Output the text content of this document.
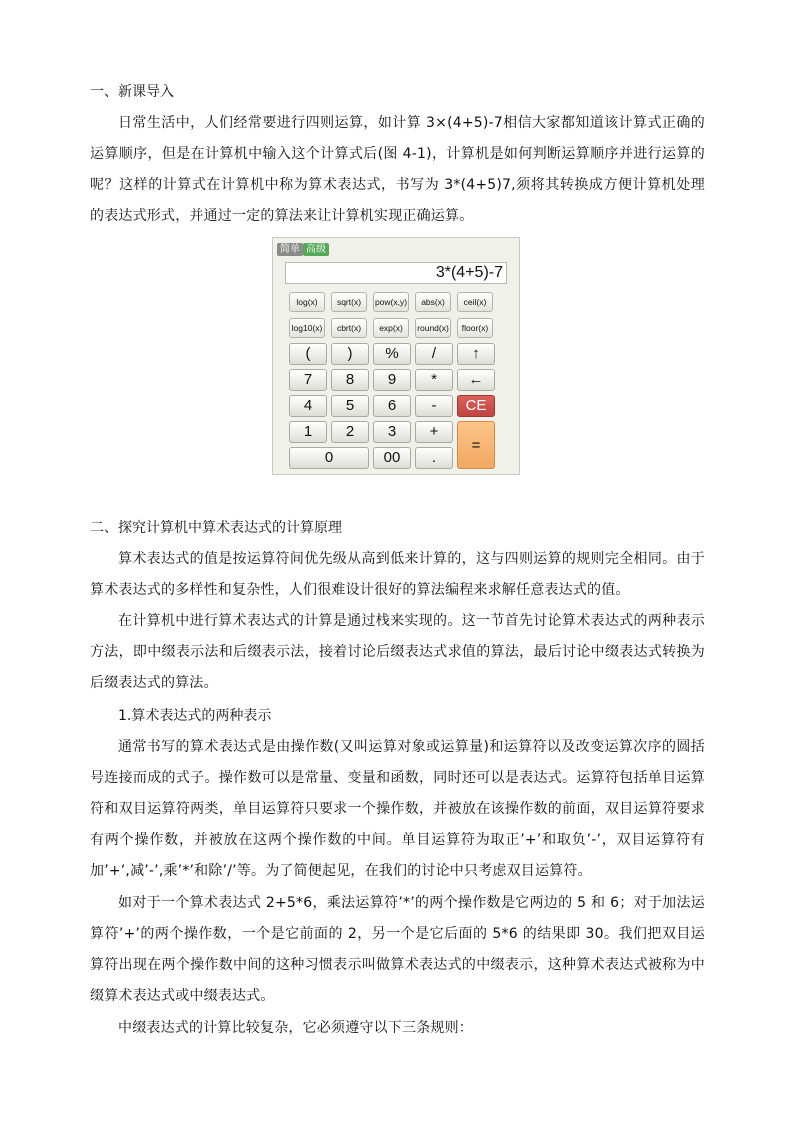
一、新课导入
日常生活中，人们经常要进行四则运算，如计算 3×(4+5)-7相信大家都知道该计算式正确的运算顺序，但是在计算机中输入这个计算式后(图 4-1)，计算机是如何判断运算顺序并进行运算的呢？这样的计算式在计算机中称为算术表达式，书写为 3*(4+5)7,须将其转换成方便计算机处理的表达式形式，并通过一定的算法来让计算机实现正确运算。
简单 高级
3*(4+5)-7
log(x)	sqrt(x)	pow(x,y)	abs(x)	ceil(x)
log10(x)	cbrt(x)	exp(x)	round(x)	floor(x)
(	)	%	/	↑
7	8	9	*	←
4	5	6	-	CE
1	2	3	+
=
0	00	.
二、探究计算机中算术表达式的计算原理
算术表达式的值是按运算符间优先级从高到低来计算的，这与四则运算的规则完全相同。由于算术表达式的多样性和复杂性，人们很难设计很好的算法编程来求解任意表达式的值。
在计算机中进行算术表达式的计算是通过栈来实现的。这一节首先讨论算术表达式的两种表示方法，即中缀表示法和后缀表示法，接着讨论后缀表达式求值的算法，最后讨论中缀表达式转换为后缀表达式的算法。
1.算术表达式的两种表示
通常书写的算术表达式是由操作数(又叫运算对象或运算量)和运算符以及改变运算次序的圆括号连接而成的式子。操作数可以是常量、变量和函数，同时还可以是表达式。运算符包括单目运算符和双目运算符两类，单目运算符只要求一个操作数，并被放在该操作数的前面，双目运算符要求有两个操作数，并被放在这两个操作数的中间。单目运算符为取正’+’和取负’-’，双目运算符有加’+’,减’-’,乘’*’和除’/’等。为了简便起见，在我们的讨论中只考虑双目运算符。
如对于一个算术表达式 2+5*6，乘法运算符’*’的两个操作数是它两边的 5 和 6；对于加法运算符’+’的两个操作数，一个是它前面的 2，另一个是它后面的 5*6 的结果即 30。我们把双目运算符出现在两个操作数中间的这种习惯表示叫做算术表达式的中缀表示，这种算术表达式被称为中缀算术表达式或中缀表达式。
中缀表达式的计算比较复杂，它必须遵守以下三条规则：
